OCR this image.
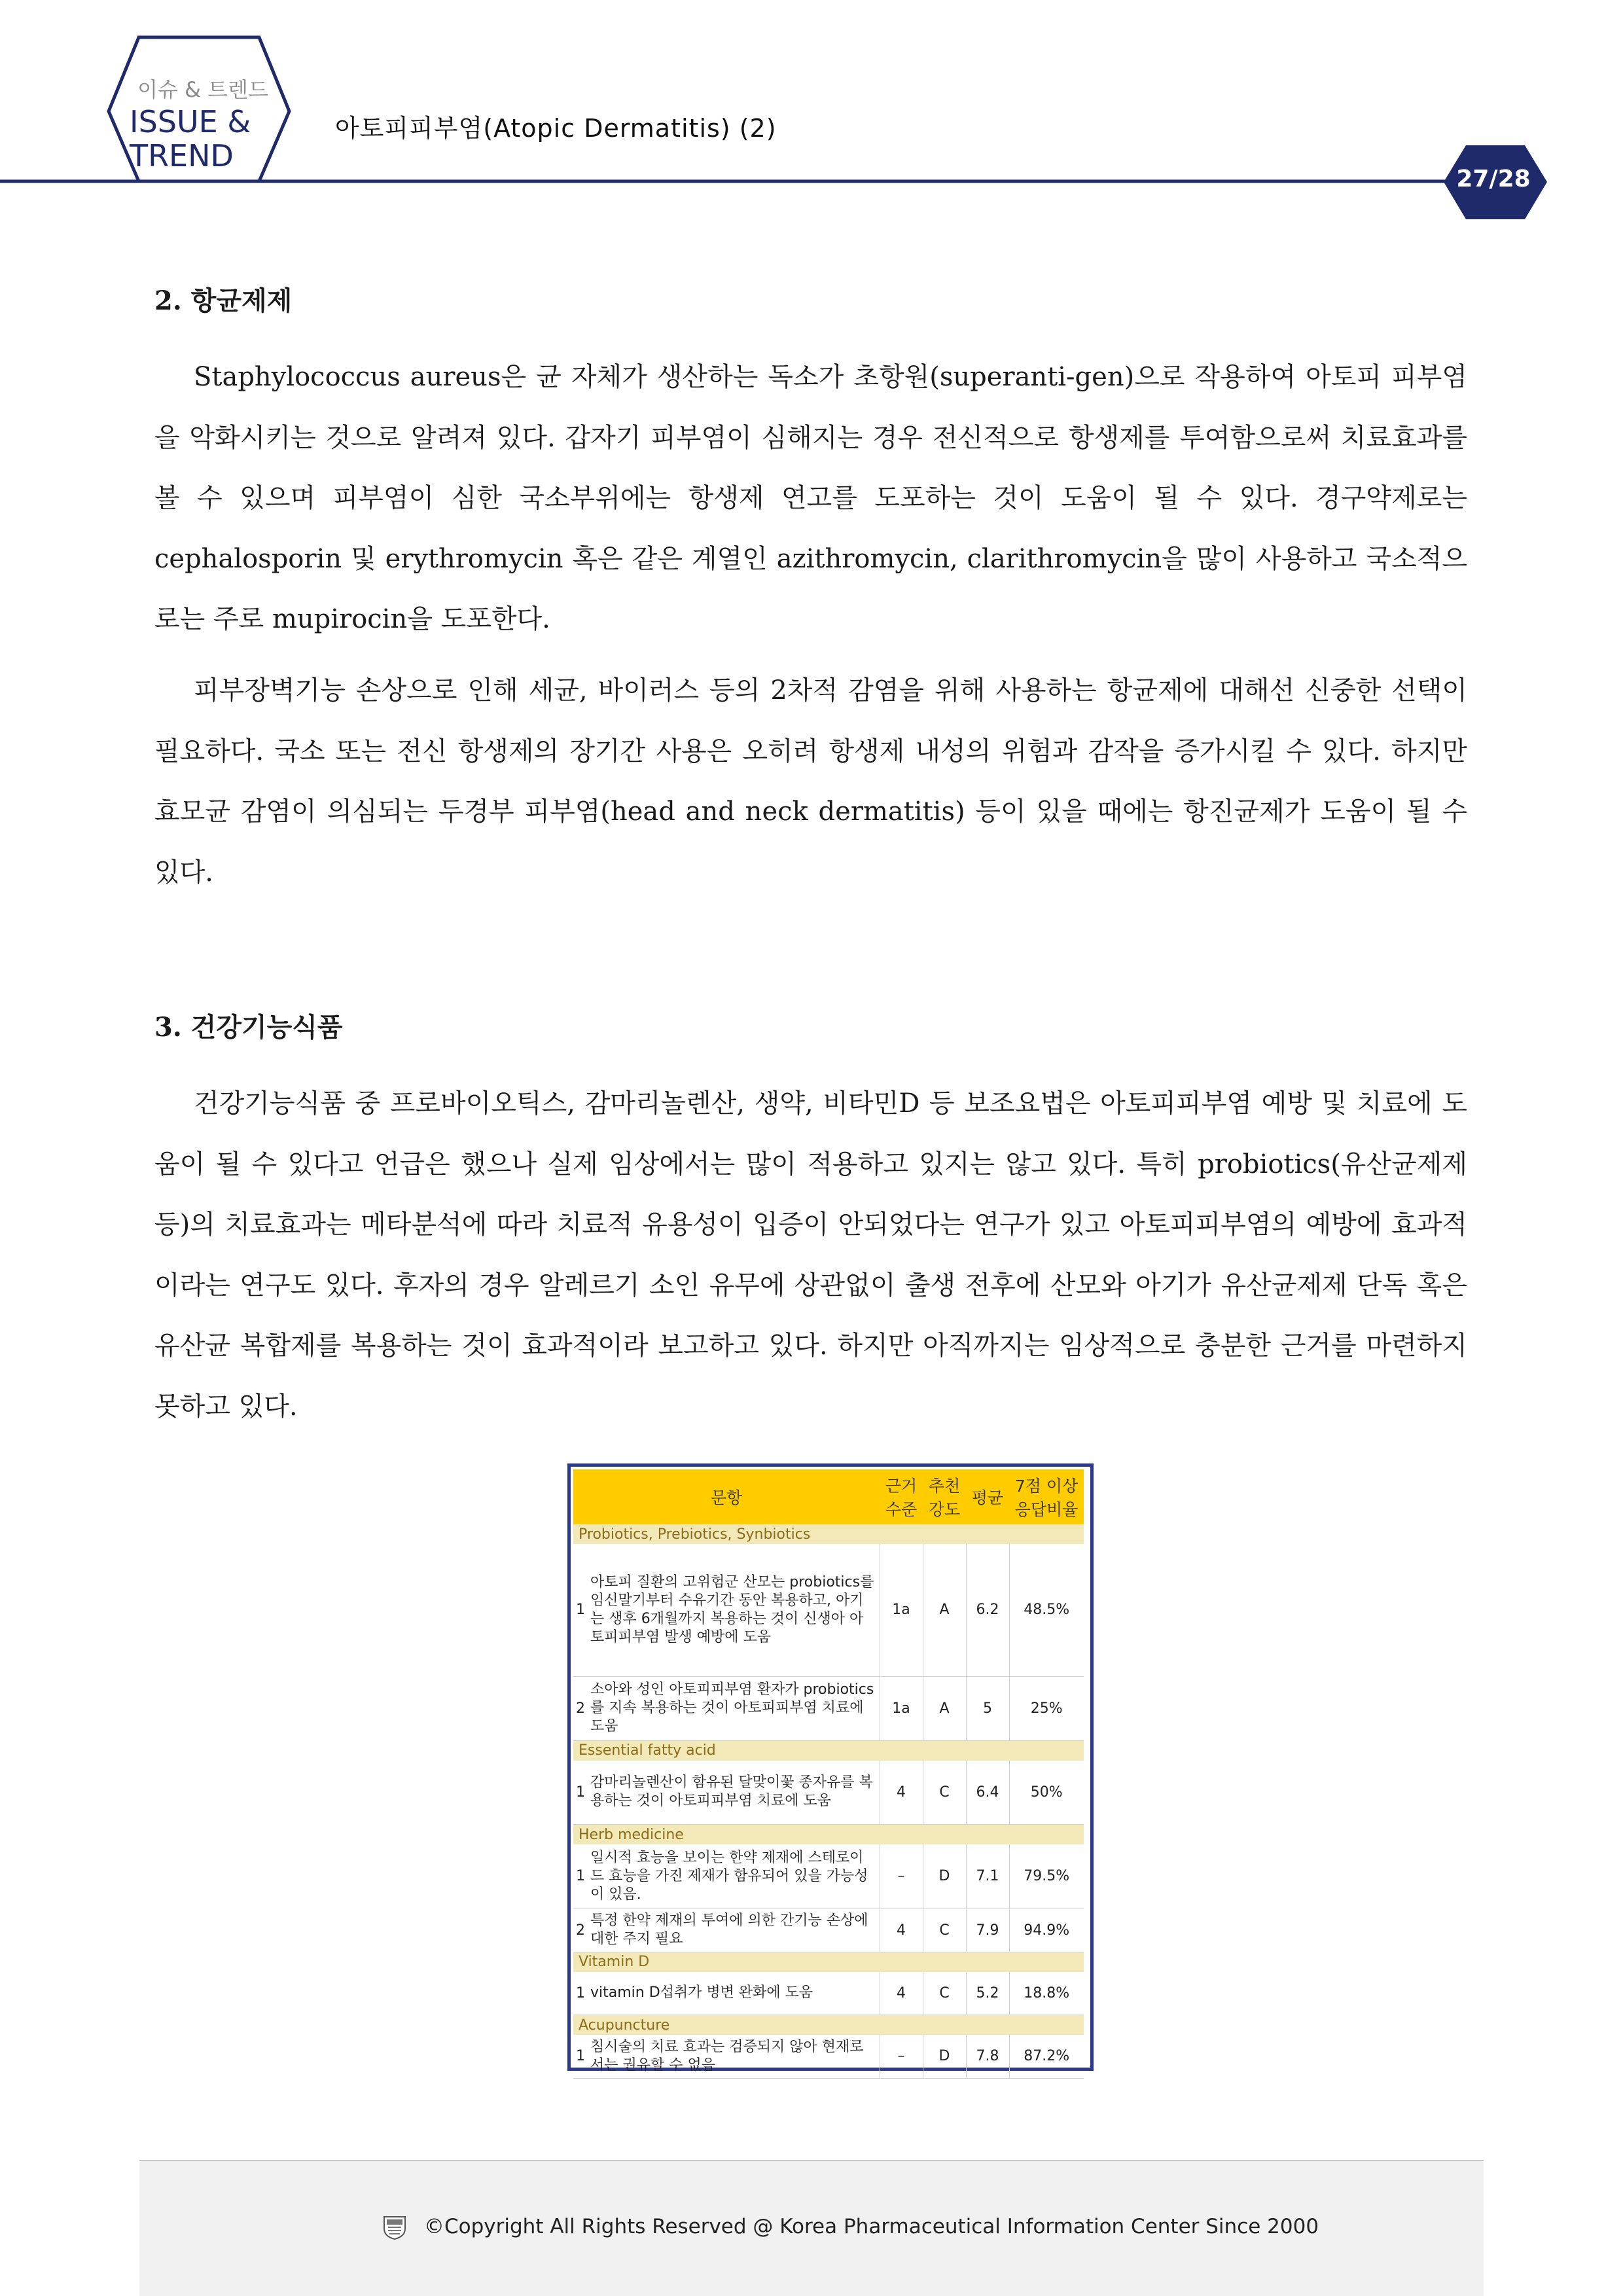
이슈 & 트렌드
ISSUE &
TREND
아토피피부염(Atopic Dermatitis) (2)
27/28
2. 항균제제

Staphylococcus aureus은 균 자체가 생산하는 독소가 초항원(superanti-gen)으로 작용하여 아토피 피부염을 악화시키는 것으로 알려져 있다. 갑자기 피부염이 심해지는 경우 전신적으로 항생제를 투여함으로써 치료효과를 볼 수 있으며 피부염이 심한 국소부위에는 항생제 연고를 도포하는 것이 도움이 될 수 있다. 경구약제로는 cephalosporin 및 erythromycin 혹은 같은 계열인 azithromycin, clarithromycin을 많이 사용하고 국소적으로는 주로 mupirocin을 도포한다.

피부장벽기능 손상으로 인해 세균, 바이러스 등의 2차적 감염을 위해 사용하는 항균제에 대해선 신중한 선택이 필요하다. 국소 또는 전신 항생제의 장기간 사용은 오히려 항생제 내성의 위험과 감작을 증가시킬 수 있다. 하지만 효모균 감염이 의심되는 두경부 피부염(head and neck dermatitis) 등이 있을 때에는 항진균제가 도움이 될 수 있다.

3. 건강기능식품

건강기능식품 중 프로바이오틱스, 감마리놀렌산, 생약, 비타민D 등 보조요법은 아토피피부염 예방 및 치료에 도움이 될 수 있다고 언급은 했으나 실제 임상에서는 많이 적용하고 있지는 않고 있다. 특히 probiotics(유산균제제 등)의 치료효과는 메타분석에 따라 치료적 유용성이 입증이 안되었다는 연구가 있고 아토피피부염의 예방에 효과적이라는 연구도 있다. 후자의 경우 알레르기 소인 유무에 상관없이 출생 전후에 산모와 아기가 유산균제제 단독 혹은 유산균 복합제를 복용하는 것이 효과적이라 보고하고 있다. 하지만 아직까지는 임상적으로 충분한 근거를 마련하지 못하고 있다.

문항		근거 수준	추천 강도	평균	7점 이상 응답비율
Probiotics, Prebiotics, Synbiotics					
1	아토피 질환의 고위험군 산모는 probiotics를 임신말기부터 수유기간 동안 복용하고, 아기는 생후 6개월까지 복용하는 것이 신생아 아토피피부염 발생 예방에 도움	1a	A	6.2	48.5%
2	소아와 성인 아토피피부염 환자가 probiotics를 지속 복용하는 것이 아토피피부염 치료에 도움	1a	A	5	25%
Essential fatty acid					
1	감마리놀렌산이 함유된 달맞이꽃 종자유를 복용하는 것이 아토피피부염 치료에 도움	4	C	6.4	50%
Herb medicine					
1	일시적 효능을 보이는 한약 제재에 스테로이드 효능을 가진 제재가 함유되어 있을 가능성이 있음.	–	D	7.1	79.5%
2	특정 한약 제재의 투여에 의한 간기능 손상에 대한 주지 필요	4	C	7.9	94.9%
Vitamin D					
1	vitamin D섭취가 병변 완화에 도움	4	C	5.2	18.8%
Acupuncture					
1	침시술의 치료 효과는 검증되지 않아 현재로서는 권유할 수 없음	–	D	7.8	87.2%
©Copyright All Rights Reserved @ Korea Pharmaceutical Information Center Since 2000
